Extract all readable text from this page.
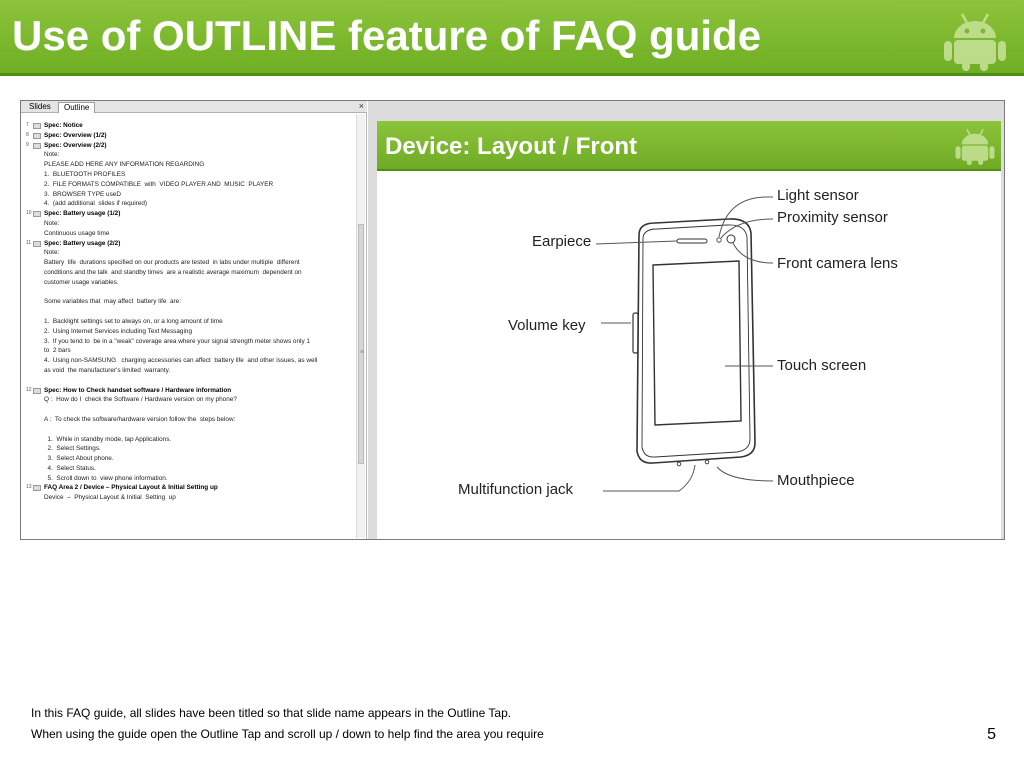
Use of OUTLINE feature of FAQ guide
Slides	Outline	×
7 Spec: Notice
8 Spec: Overview (1/2)
9 Spec: Overview (2/2)
Note:
PLEASE ADD HERE ANY INFORMATION REGARDING
1.  BLUETOOTH PROFILES
2.  FILE FORMATS COMPATIBLE  with  VIDEO PLAYER AND  MUSIC  PLAYER
3.  BROWSER TYPE useD
4.  (add additional  slides if required)
10 Spec: Battery usage (1/2)
Note:
Continuous usage time
11 Spec: Battery usage (2/2)
Note:
Battery  life  durations specified on our products are tested  in labs under multiple  different
conditions and the talk  and standby times  are a realistic average maximum  dependent on
customer usage variables.

Some variables that  may affect  battery life  are:

1.  Backlight settings set to always on, or a long amount of time
2.  Using Internet Services including Text Messaging
3.  If you tend to  be in a "weak" coverage area where your signal strength meter shows only 1
to  2 bars
4.  Using non-SAMSUNG   charging accessories can affect  battery life  and other issues, as well
as void  the manufacturer's limited  warranty.

12 Spec: How to Check handset software / Hardware information
Q :  How do I  check the Software / Hardware version on my phone?

A :  To check the software/hardware version follow the  steps below:

1.  While in standby mode, tap Applications.
2.  Select Settings.
3.  Select About phone.
4.  Select Status.
5.  Scroll down to  view phone information.
13 FAQ Area 2 / Device – Physical Layout & Initial Setting up
Device  –  Physical Layout & Initial  Setting  up
≡
Device: Layout / Front
Light sensor
Proximity sensor
Earpiece
Front camera lens
Volume key
Touch screen
Multifunction jack
Mouthpiece
In this FAQ guide, all slides have been titled so that slide name appears in the Outline Tap.
When using the guide open the Outline Tap and scroll up / down to help find the area you require	5
